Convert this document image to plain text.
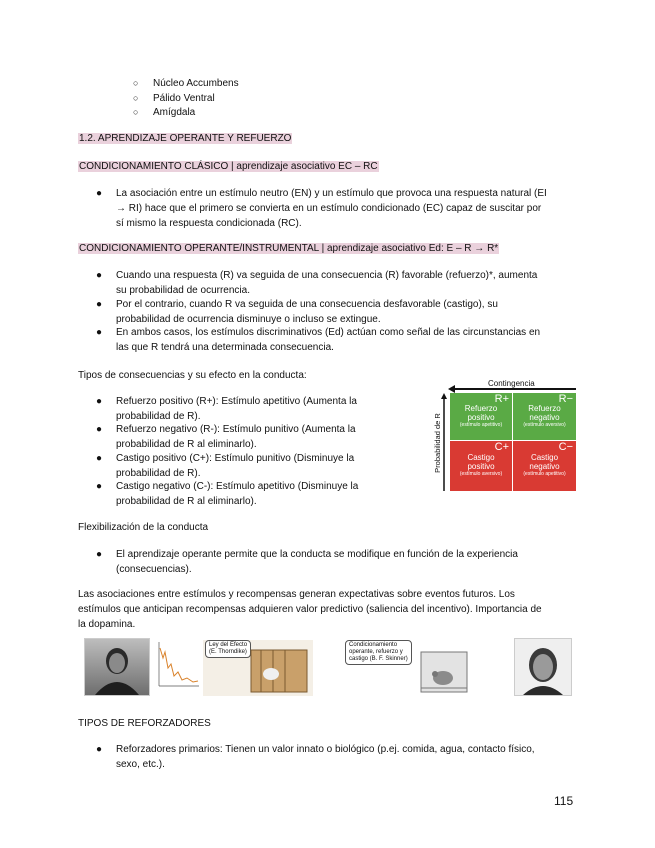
○ Núcleo Accumbens
○ Pálido Ventral
○ Amígdala
1.2. APRENDIZAJE OPERANTE Y REFUERZO
CONDICIONAMIENTO CLÁSICO | aprendizaje asociativo EC – RC
● La asociación entre un estímulo neutro (EN) y un estímulo que provoca una respuesta natural (EI
→ RI) hace que el primero se convierta en un estímulo condicionado (EC) capaz de suscitar por
sí mismo la respuesta condicionada (RC).
CONDICIONAMIENTO OPERANTE/INSTRUMENTAL | aprendizaje asociativo Ed: E – R → R*
● Cuando una respuesta (R) va seguida de una consecuencia (R) favorable (refuerzo)*, aumenta
su probabilidad de ocurrencia.
● Por el contrario, cuando R va seguida de una consecuencia desfavorable (castigo), su
probabilidad de ocurrencia disminuye o incluso se extingue.
● En ambos casos, los estímulos discriminativos (Ed) actúan como señal de las circunstancias en
las que R tendrá una determinada consecuencia.
Tipos de consecuencias y su efecto en la conducta:
● Refuerzo positivo (R+): Estímulo apetitivo (Aumenta la
probabilidad de R).
● Refuerzo negativo (R-): Estímulo punitivo (Aumenta la
probabilidad de R al eliminarlo).
● Castigo positivo (C+): Estímulo punitivo (Disminuye la
probabilidad de R).
● Castigo negativo (C-): Estímulo apetitivo (Disminuye la
probabilidad de R al eliminarlo).
Contingencia
Probabilidad de R
R+
Refuerzo positivo
(estímulo apetitivo)
R−
Refuerzo negativo
(estímulo aversivo)
C+
Castigo positivo
(estímulo aversivo)
C−
Castigo negativo
(estímulo apetitivo)
Flexibilización de la conducta
● El aprendizaje operante permite que la conducta se modifique en función de la experiencia
(consecuencias).
Las asociaciones entre estímulos y recompensas generan expectativas sobre eventos futuros. Los
estímulos que anticipan recompensas adquieren valor predictivo (saliencia del incentivo). Importancia de
la dopamina.
Ley del Efecto
(E. Thorndike)
Condicionamiento
operante, refuerzo y
castigo (B. F. Skinner)
TIPOS DE REFORZADORES
● Reforzadores primarios: Tienen un valor innato o biológico (p.ej. comida, agua, contacto físico,
sexo, etc.).
115
